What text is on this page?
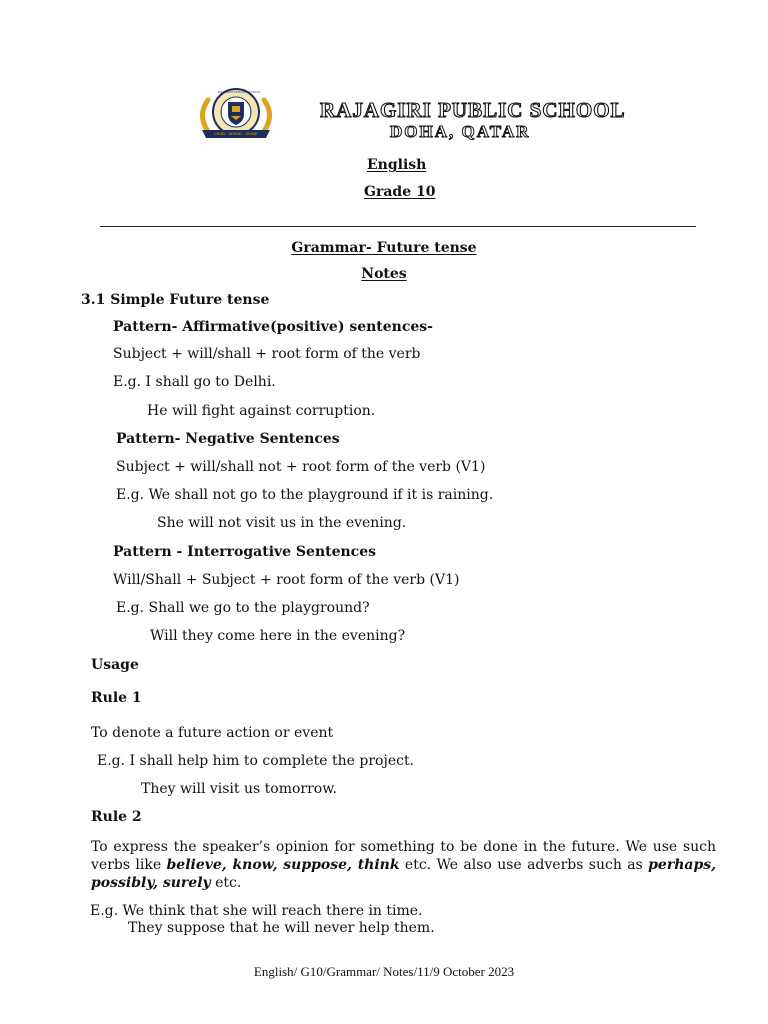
RAJAGIRI PUBLIC SCHOOL
LEAD · SERVE · SHINE
RAJAGIRI PUBLIC SCHOOL
DOHA, QATAR
English
Grade 10
Grammar- Future tense
Notes
3.1 Simple Future tense
Pattern- Affirmative(positive) sentences-
Subject + will/shall + root form of the verb
E.g. I shall go to Delhi.
He will fight against corruption.
Pattern- Negative Sentences
Subject + will/shall not + root form of the verb (V1)
E.g. We shall not go to the playground if it is raining.
She will not visit us in the evening.
Pattern - Interrogative Sentences
Will/Shall + Subject + root form of the verb (V1)
E.g. Shall we go to the playground?
Will they come here in the evening?
Usage
Rule 1
To denote a future action or event
E.g. I shall help him to complete the project.
They will visit us tomorrow.
Rule 2
To express the speaker’s opinion for something to be done in the future. We use such verbs like believe, know, suppose, think etc. We also use adverbs such as perhaps, possibly, surely etc.
E.g. We think that she will reach there in time.
They suppose that he will never help them.
English/ G10/Grammar/ Notes/11/9 October 2023
